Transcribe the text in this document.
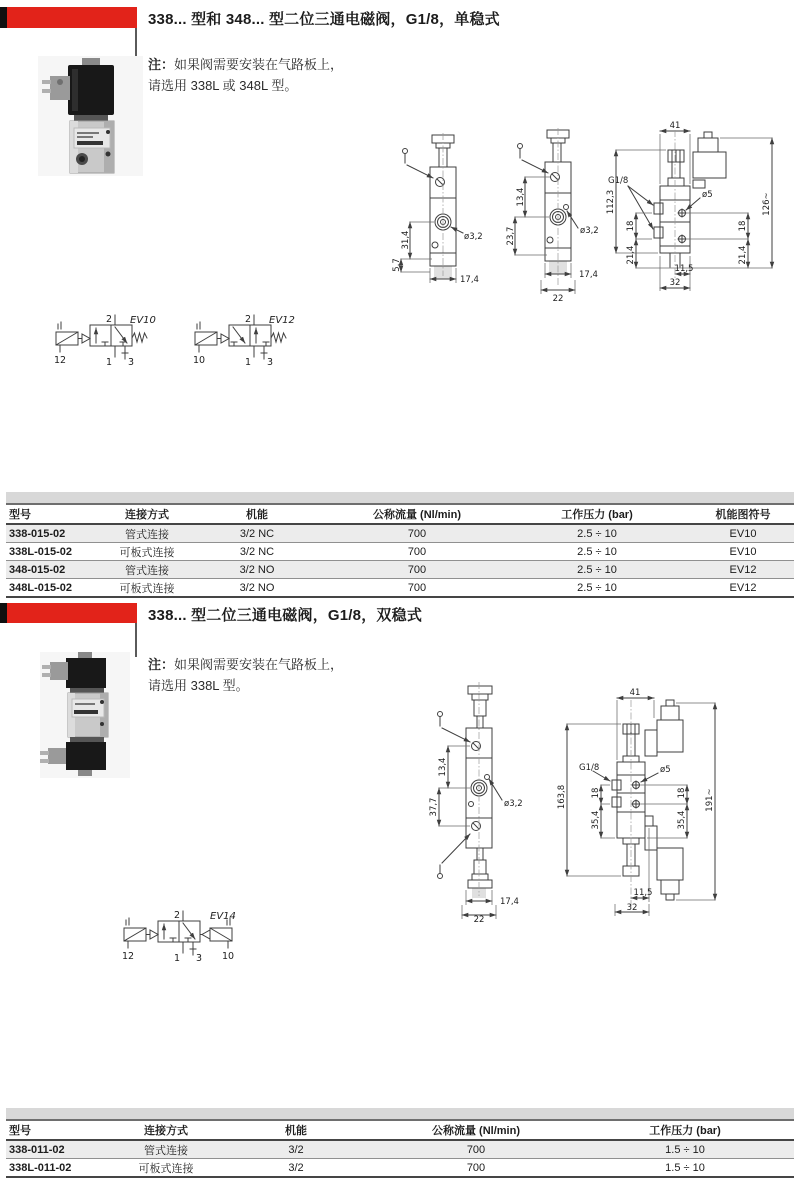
338... 型和 348... 型二位三通电磁阀，G1/8，单稳式
注：如果阀需要安装在气路板上，
请选用 338L 或 348L 型。
31,4
5,7
17,4
ø3,2
13,4
23,7
17,4
22
ø3,2
41
112,3
18
21,4
18
21,4
126~
G1/8
ø5
11,5
32
2
1 3
12
EV10	2
1 3
10
EV12
型号	连接方式	机能	公称流量 (Nl/min)	工作压力 (bar)	机能图符号
338-015-02	管式连接	3/2 NC	700	2.5 ÷ 10	EV10
338L-015-02	可板式连接	3/2 NC	700	2.5 ÷ 10	EV10
348-015-02	管式连接	3/2 NO	700	2.5 ÷ 10	EV12
348L-015-02	可板式连接	3/2 NO	700	2.5 ÷ 10	EV12
338... 型二位三通电磁阀，G1/8，双稳式
注：如果阀需要安装在气路板上，
请选用 338L 型。
13,4
37,7
17,4
22
ø3,2
41
163,8	18
35,4
18
35,4
191~
G1/8	ø5
11,5
32
2
1 3
12	10
EV14
型号	连接方式	机能	公称流量 (Nl/min)	工作压力 (bar)
338-011-02	管式连接	3/2	700	1.5 ÷ 10
338L-011-02	可板式连接	3/2	700	1.5 ÷ 10
